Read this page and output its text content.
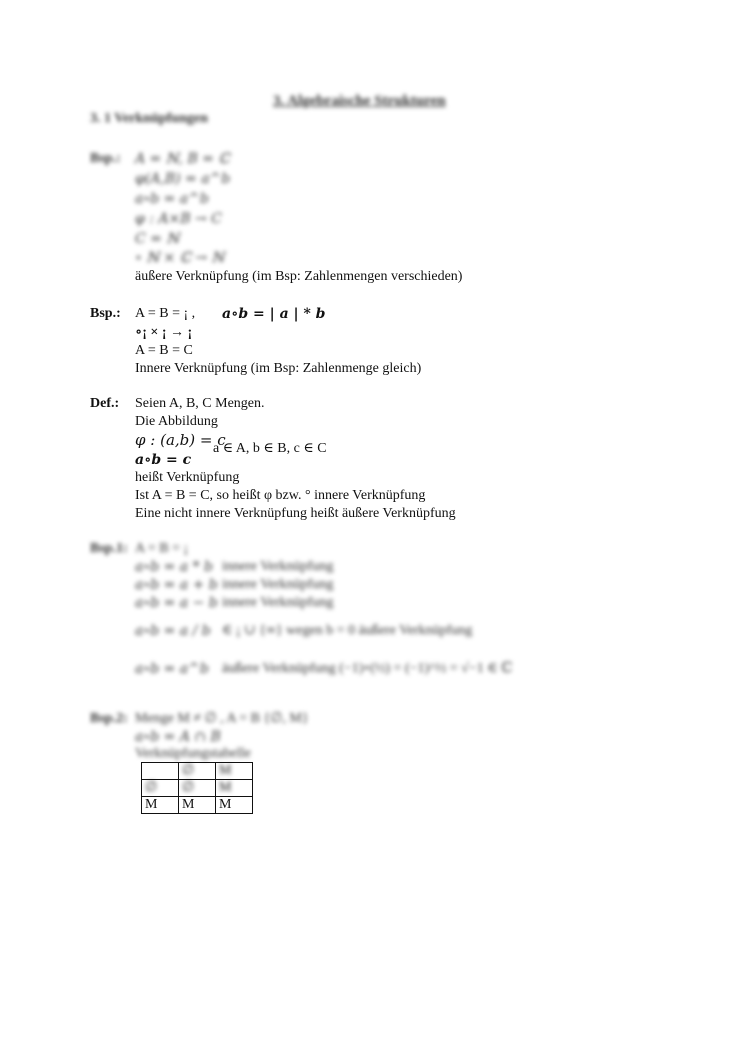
3. Algebraische Strukturen
3. 1 Verknüpfungen
Bsp.: A = ℕ, B = ℂ
φ(A,B) = a^b
a∘b = a^b
φ : A×B → C
C = ℕ
∘ ℕ × ℂ → ℕ
äußere Verknüpfung (im Bsp: Zahlenmengen verschieden)
Bsp.: A = B = ¡ , a∘b = | a | * b
∘¡ × ¡ → ¡
A = B = C
Innere Verknüpfung (im Bsp: Zahlenmenge gleich)
Def.: Seien A, B, C Mengen.
Die Abbildung
φ : (a,b) = c
a ∈ A, b ∈ B, c ∈ C
a∘b = c
heißt Verknüpfung
Ist A = B = C, so heißt φ bzw. ° innere Verknüpfung
Eine nicht innere Verknüpfung heißt äußere Verknüpfung
Bsp.1: A = B = ¡
a∘b = a * b innere Verknüpfung
a∘b = a + b innere Verknüpfung
a∘b = a − b innere Verknüpfung
a∘b = a / b ∈ ¡ ∪ {∞} wegen b = 0 äußere Verknüpfung
a∘b = a^b äußere Verknüpfung (−1)∘(½) = (−1)^½ = √−1 ∈ ℂ
Bsp.2: Menge M ≠ ∅ , A = B {∅, M}
a∘b = A ∩ B
Verknüpfungstabelle
	∅	M
∅	∅	M
M	M	M
